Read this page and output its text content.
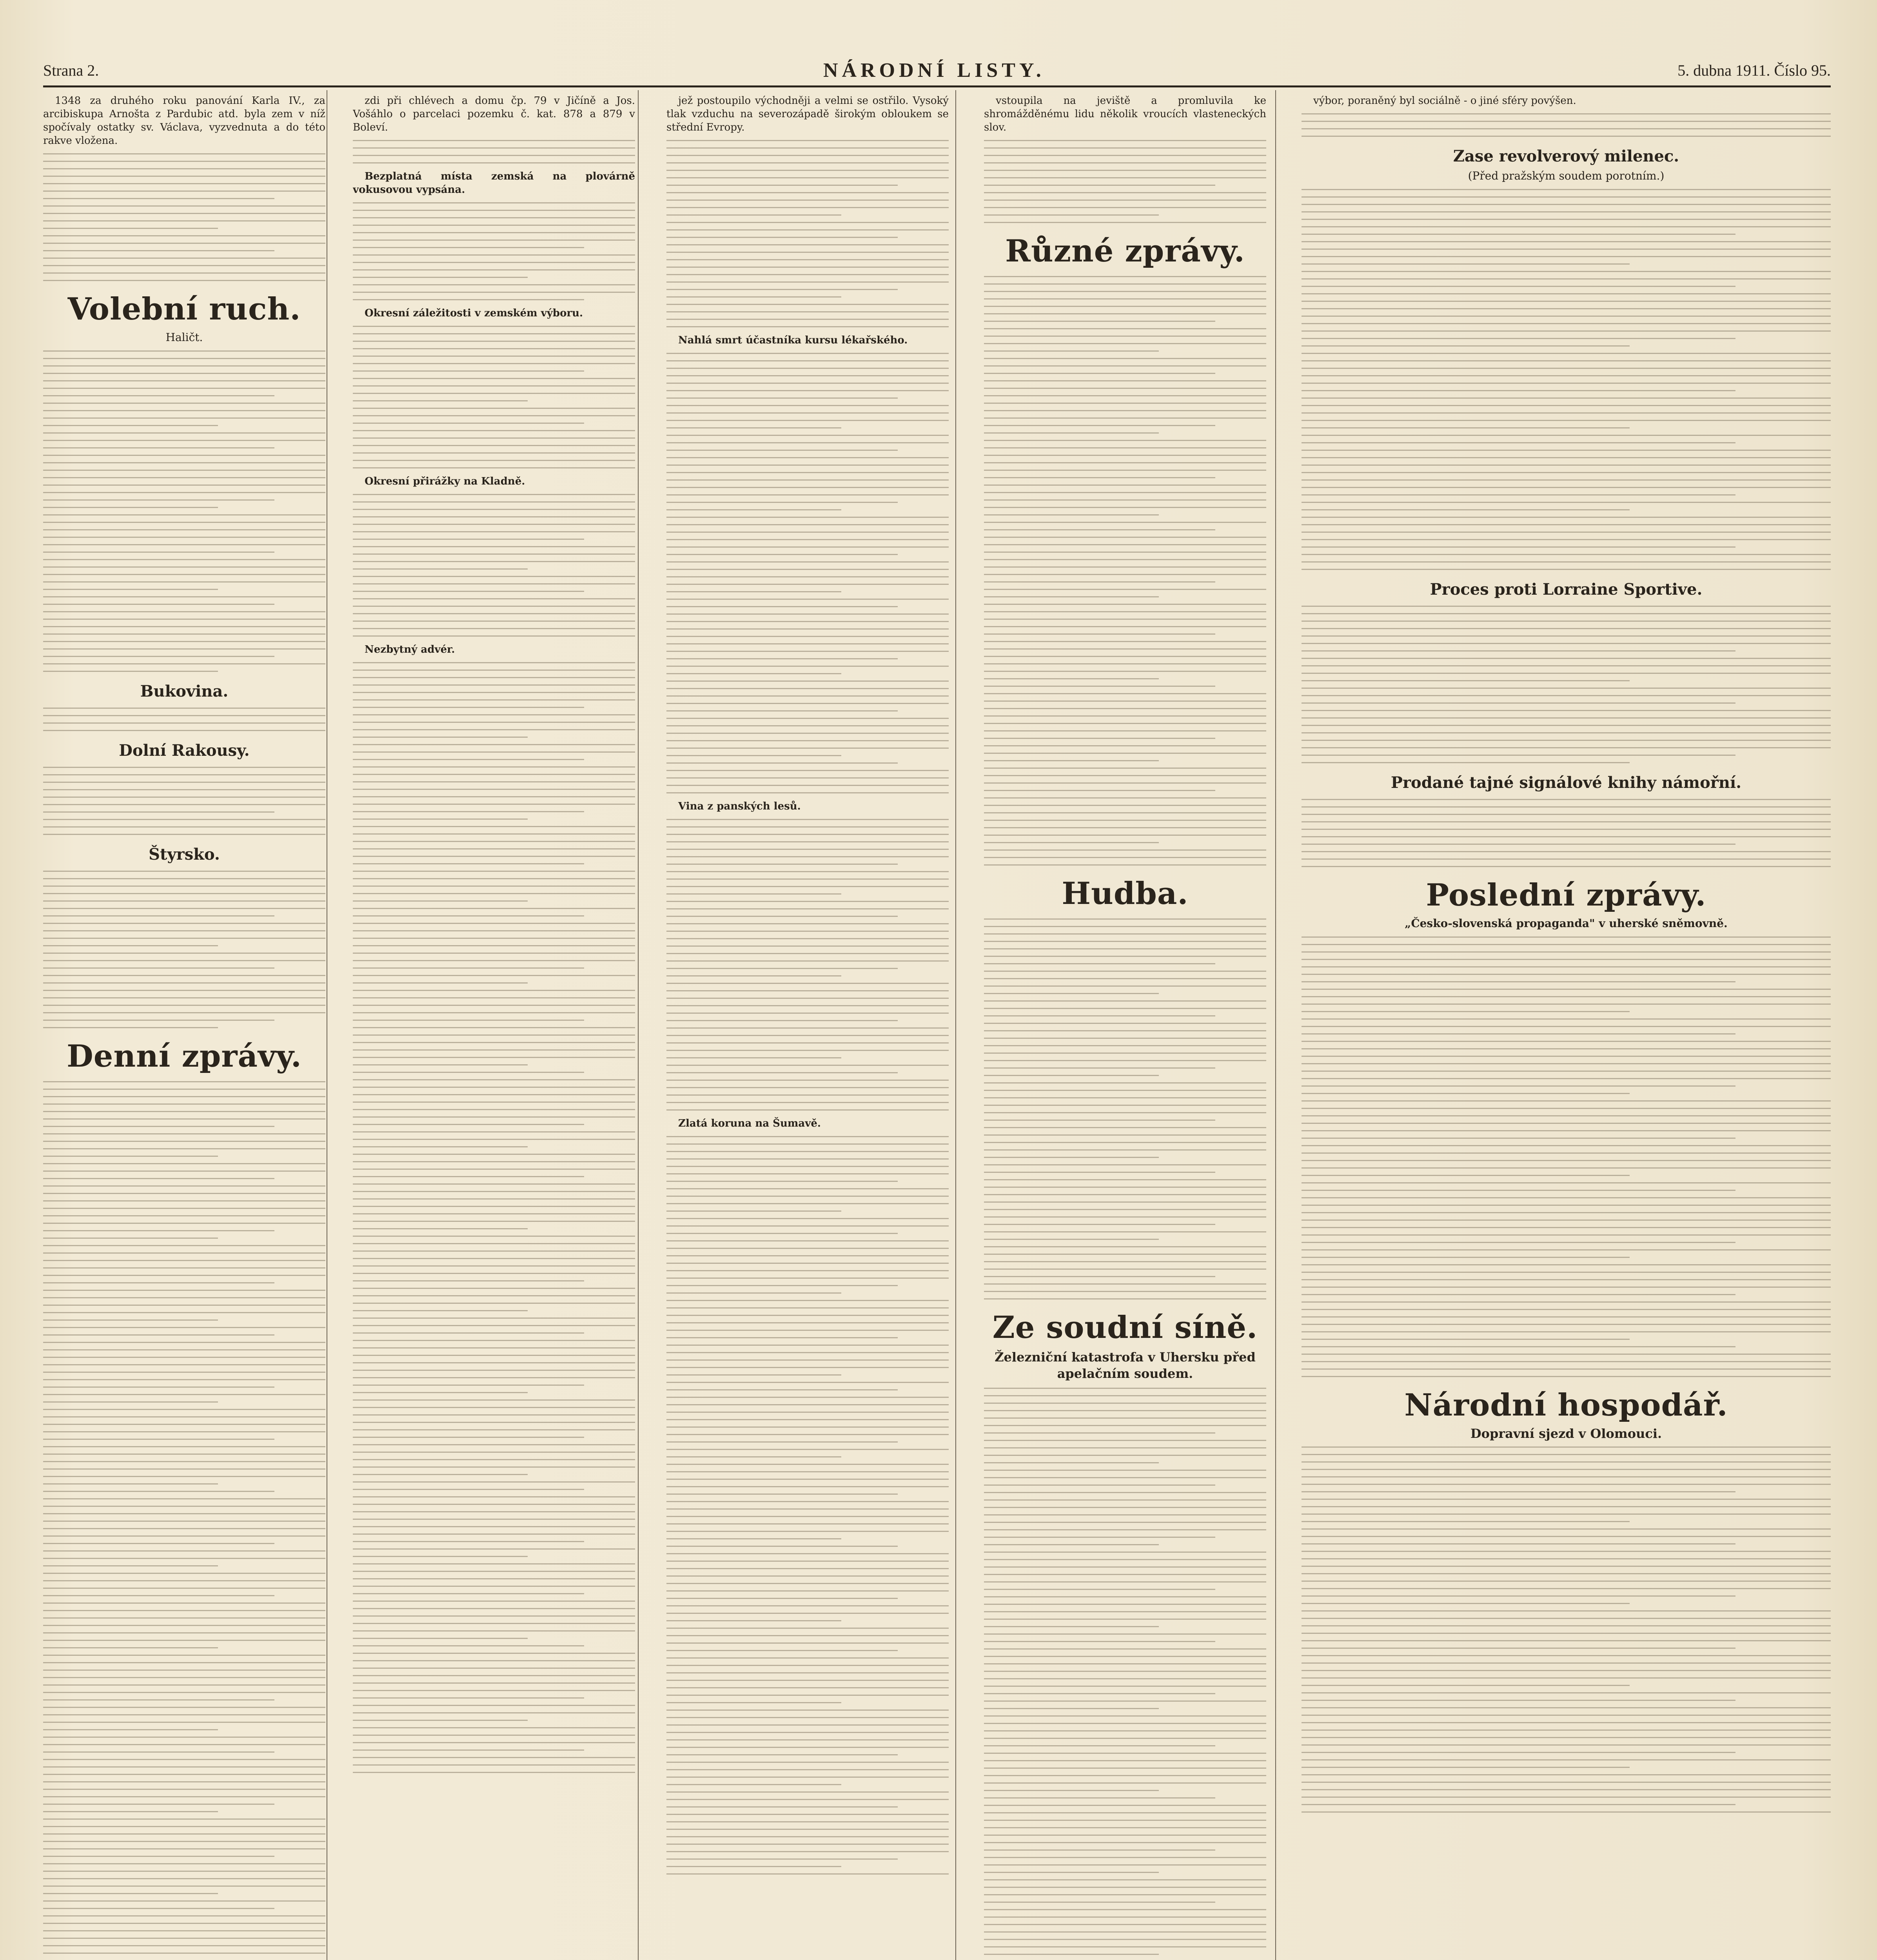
Strana 2.	NÁRODNÍ LISTY.	5. dubna 1911. Číslo 95.

1348 za druhého roku panování Karla IV., za arcibiskupa Arnošta z Pardubic atd. byla zem v níž spočívaly ostatky sv. Václava, vyzvednuta a do této rakve vložena.

Volební ruch.
Haličt.
Bukovina.
Dolní Rakousy.
Štyrsko.
Denní zprávy.

zdi při chlévech a domu čp. 79 v Jičíně a Jos. Vošáhlo o parcelaci pozemku č. kat. 878 a 879 v Boleví.

Bezplatná místa zemská na plovárně vokusovou vypsána.

Okresní záležitosti v zemském výboru.

Okresní přirážky na Kladně.

Nezbytný advér.

jež postoupilo východněji a velmi se ostřilo. Vysoký tlak vzduchu na severozápadě širokým obloukem se střední Evropy.

Nahlá smrt účastníka kursu lékařského.

Vina z panských lesů.

Zlatá koruna na Šumavě.

vstoupila na jeviště a promluvila ke shromážděnému lidu několik vroucích vlasteneckých slov.

Různé zprávy.
Hudba.
Ze soudní síně.
Železniční katastrofa v Uhersku před apelačním soudem.

výbor, poraněný byl sociálně - o jiné sféry povýšen.

Zase revolverový milenec.
(Před pražským soudem porotním.)
Proces proti Lorraine Sportive.
Prodané tajné signálové knihy námořní.
Poslední zprávy.
„Česko-slovenská propaganda" v uherské sněmovně.
Národní hospodář.
Dopravní sjezd v Olomouci.
